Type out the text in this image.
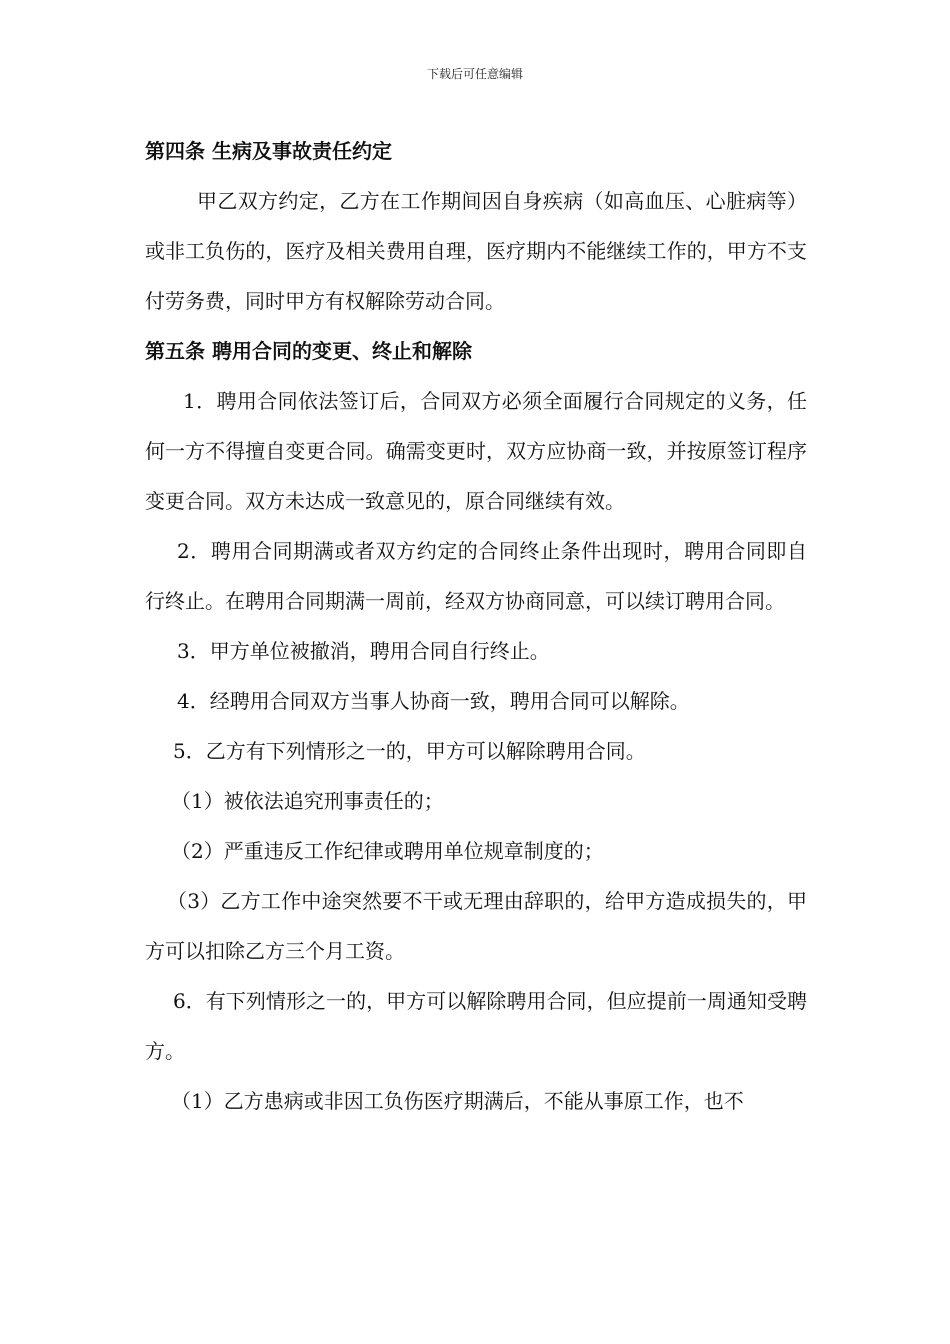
下载后可任意编辑
第四条 生病及事故责任约定
甲乙双方约定，乙方在工作期间因自身疾病（如高血压、心脏病等）或非工负伤的，医疗及相关费用自理，医疗期内不能继续工作的，甲方不支付劳务费，同时甲方有权解除劳动合同。
第五条 聘用合同的变更、终止和解除
1．聘用合同依法签订后，合同双方必须全面履行合同规定的义务，任何一方不得擅自变更合同。确需变更时，双方应协商一致，并按原签订程序变更合同。双方未达成一致意见的，原合同继续有效。
2．聘用合同期满或者双方约定的合同终止条件出现时，聘用合同即自行终止。在聘用合同期满一周前，经双方协商同意，可以续订聘用合同。
3．甲方单位被撤消，聘用合同自行终止。
4．经聘用合同双方当事人协商一致，聘用合同可以解除。
5．乙方有下列情形之一的，甲方可以解除聘用合同。
（1）被依法追究刑事责任的；
（2）严重违反工作纪律或聘用单位规章制度的；
（3）乙方工作中途突然要不干或无理由辞职的，给甲方造成损失的，甲方可以扣除乙方三个月工资。
6．有下列情形之一的，甲方可以解除聘用合同，但应提前一周通知受聘方。
（1）乙方患病或非因工负伤医疗期满后，不能从事原工作，也不
